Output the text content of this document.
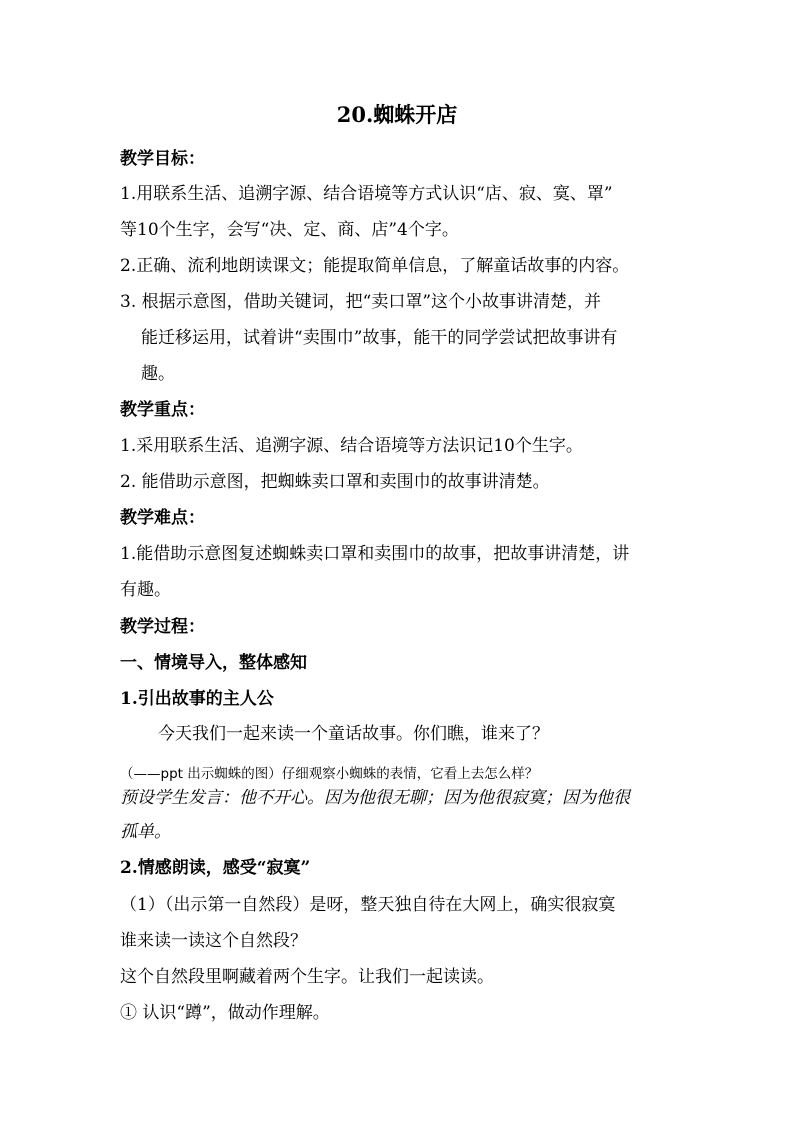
20.蜘蛛开店
教学目标：
1.用联系生活、追溯字源、结合语境等方式认识“店、寂、寞、罩”
等10个生字，会写“决、定、商、店”4个字。
2.正确、流利地朗读课文；能提取简单信息，了解童话故事的内容。
3. 根据示意图，借助关键词，把“卖口罩”这个小故事讲清楚，并
能迁移运用，试着讲“卖围巾”故事，能干的同学尝试把故事讲有
趣。
教学重点：
1.采用联系生活、追溯字源、结合语境等方法识记10个生字。
2. 能借助示意图，把蜘蛛卖口罩和卖围巾的故事讲清楚。
教学难点：
1.能借助示意图复述蜘蛛卖口罩和卖围巾的故事，把故事讲清楚，讲
有趣。
教学过程：
一、情境导入，整体感知
1.引出故事的主人公
今天我们一起来读一个童话故事。你们瞧，谁来了？
（——ppt 出示蜘蛛的图）仔细观察小蜘蛛的表情，它看上去怎么样？
预设学生发言：他不开心。因为他很无聊；因为他很寂寞；因为他很
孤单。
2.情感朗读，感受“寂寞”
（1）（出示第一自然段）是呀，整天独自待在大网上，确实很寂寞
谁来读一读这个自然段？
这个自然段里啊藏着两个生字。让我们一起读读。
① 认识“蹲”，做动作理解。
